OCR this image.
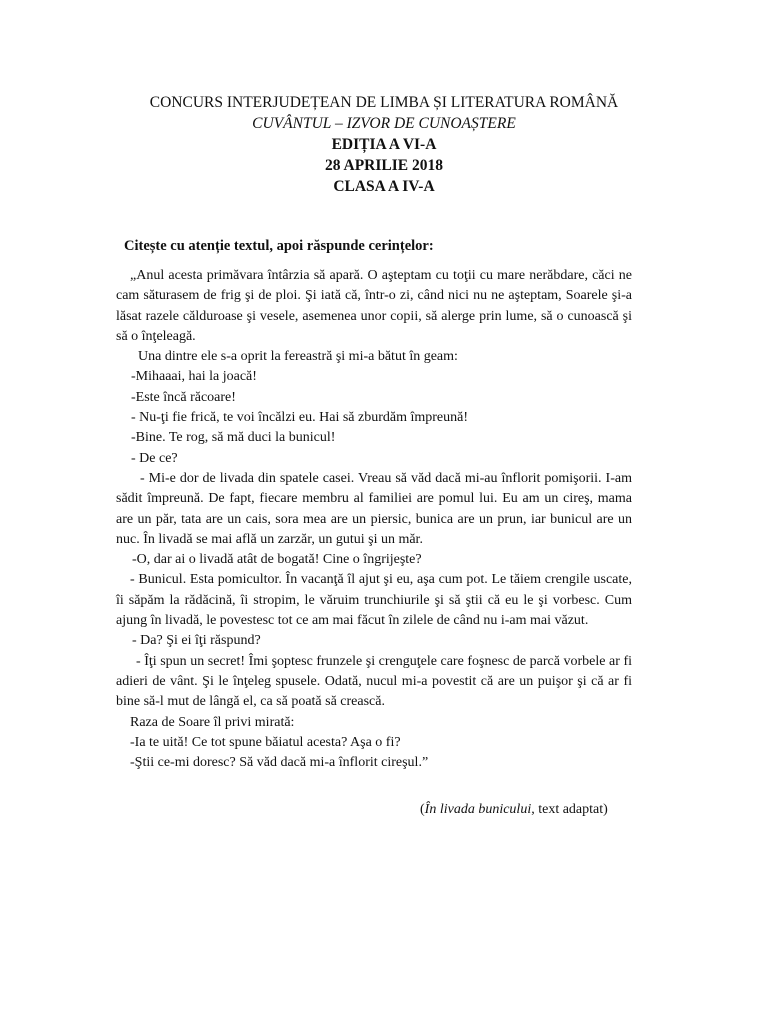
CONCURS INTERJUDEȚEAN DE LIMBA ȘI LITERATURA ROMÂNĂ
CUVÂNTUL – IZVOR DE CUNOAȘTERE
EDIȚIA A VI-A
28 APRILIE 2018
CLASA A IV-A
Citește cu atenție textul, apoi răspunde cerințelor:

„Anul acesta primăvara întârzia să apară. O aşteptam cu toţii cu mare nerăbdare, căci ne cam săturasem de frig şi de ploi. Şi iată că, într-o zi, când nici nu ne aşteptam, Soarele şi-a lăsat razele călduroase şi vesele, asemenea unor copii, să alerge prin lume, să o cunoască şi să o înţeleagă.

Una dintre ele s-a oprit la fereastră şi mi-a bătut în geam:

-Mihaaai, hai la joacă!

-Este încă răcoare!

- Nu-ţi fie frică, te voi încălzi eu. Hai să zburdăm împreună!

-Bine. Te rog, să mă duci la bunicul!

- De ce?

- Mi-e dor de livada din spatele casei. Vreau să văd dacă mi-au înflorit pomişorii. I-am sădit împreună. De fapt, fiecare membru al familiei are pomul lui. Eu am un cireş, mama are un păr, tata are un cais, sora mea are un piersic, bunica are un prun, iar bunicul are un nuc. În livadă se mai află un zarzăr, un gutui şi un măr.

-O, dar ai o livadă atât de bogată! Cine o îngrijeşte?

- Bunicul. Esta pomicultor. În vacanţă îl ajut şi eu, aşa cum pot. Le tăiem crengile uscate, îi săpăm la rădăcină, îi stropim, le văruim trunchiurile şi să ştii că eu le şi vorbesc. Cum ajung în livadă, le povestesc tot ce am mai făcut în zilele de când nu i-am mai văzut.

- Da? Şi ei îţi răspund?

- Îţi spun un secret! Îmi şoptesc frunzele şi crenguţele care foşnesc de parcă vorbele ar fi adieri de vânt. Şi le înţeleg spusele. Odată, nucul mi-a povestit că are un puişor şi că ar fi bine să-l mut de lângă el, ca să poată să crească.

Raza de Soare îl privi mirată:

-Ia te uită! Ce tot spune băiatul acesta? Aşa o fi?

-Ştii ce-mi doresc? Să văd dacă mi-a înflorit cireşul.”

(În livada bunicului, text adaptat)
